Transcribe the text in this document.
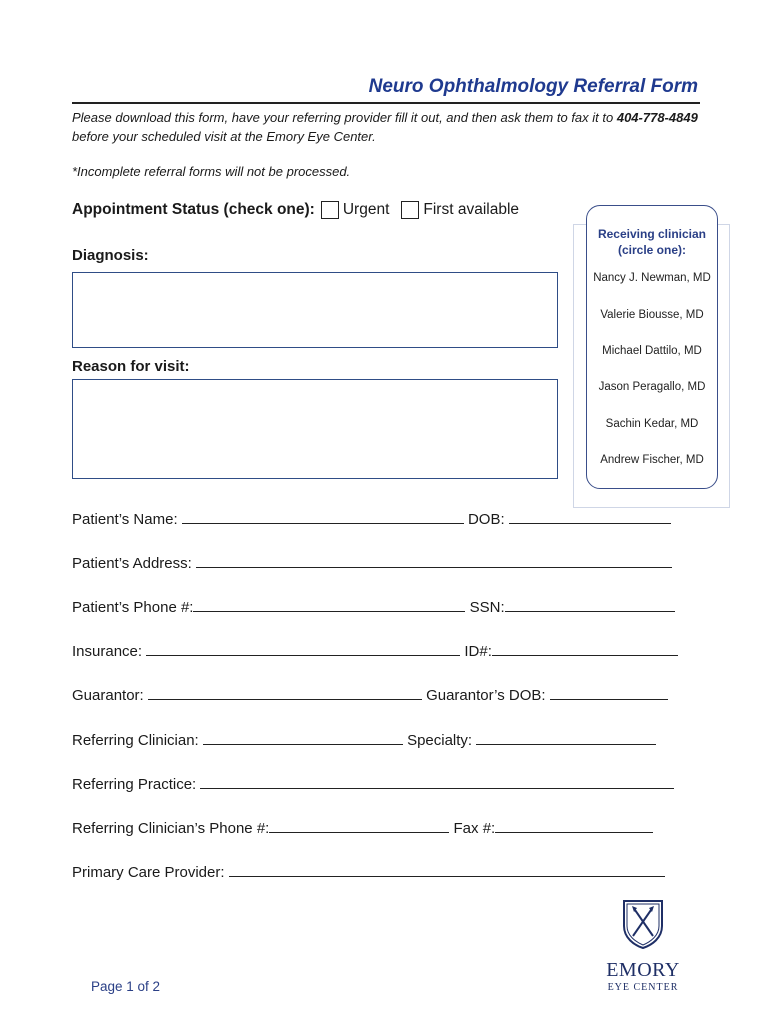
Neuro Ophthalmology Referral Form
Please download this form, have your referring provider fill it out, and then ask them to fax it to 404-778-4849 before your scheduled visit at the Emory Eye Center.
*Incomplete referral forms will not be processed.
Appointment Status (check one): Urgent First available
Diagnosis:
Reason for visit:
Receiving clinician
(circle one):
Nancy J. Newman, MD
Valerie Biousse, MD
Michael Dattilo, MD
Jason Peragallo, MD
Sachin Kedar, MD
Andrew Fischer, MD
Patient’s Name:	DOB:
Patient’s Address:
Patient’s Phone #:	SSN:
Insurance:	ID#:
Guarantor:	Guarantor’s DOB:
Referring Clinician:	Specialty:
Referring Practice:
Referring Clinician’s Phone #:	Fax #:
Primary Care Provider:
Page 1 of 2
EMORY
EYE CENTER
